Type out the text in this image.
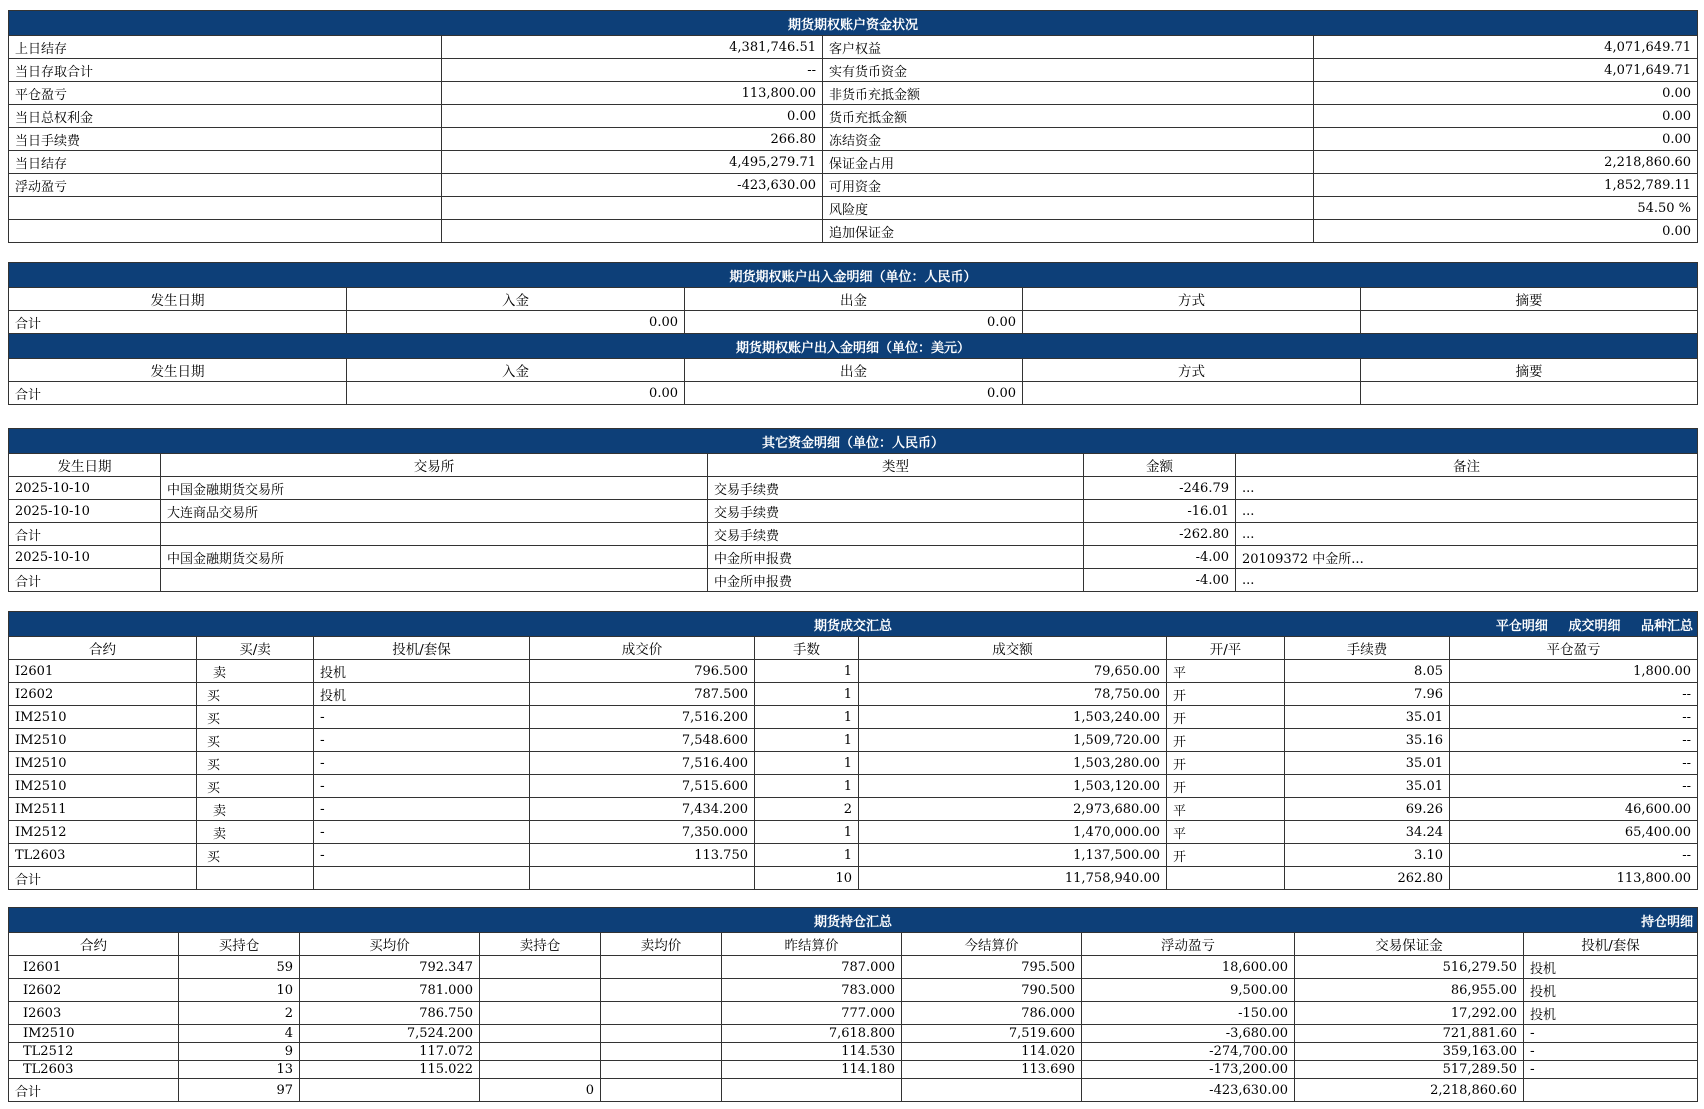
期货期权账户资金状况			
上日结存	4,381,746.51	客户权益	4,071,649.71
当日存取合计	--	实有货币资金	4,071,649.71
平仓盈亏	113,800.00	非货币充抵金额	0.00
当日总权利金	0.00	货币充抵金额	0.00
当日手续费	266.80	冻结资金	0.00
当日结存	4,495,279.71	保证金占用	2,218,860.60
浮动盈亏	-423,630.00	可用资金	1,852,789.11
		风险度	54.50 %
		追加保证金	0.00
期货期权账户出入金明细（单位：人民币）				
发生日期	入金	出金	方式	摘要
合计	0.00	0.00		
期货期权账户出入金明细（单位：美元）				
发生日期	入金	出金	方式	摘要
合计	0.00	0.00		
其它资金明细（单位：人民币）				
发生日期	交易所	类型	金额	备注
2025-10-10	中国金融期货交易所	交易手续费	-246.79	...
2025-10-10	大连商品交易所	交易手续费	-16.01	...
合计		交易手续费	-262.80	...
2025-10-10	中国金融期货交易所	中金所申报费	-4.00	20109372 中金所...
合计		中金所申报费	-4.00	...
期货成交汇总 平仓明细 成交明细 品种汇总								

合约	买/卖	投机/套保	成交价	手数	成交额	开/平	手续费	平仓盈亏
I2601	卖	投机	796.500	1	79,650.00	平	8.05	1,800.00
I2602	买	投机	787.500	1	78,750.00	开	7.96	--
IM2510	买	-	7,516.200	1	1,503,240.00	开	35.01	--
IM2510	买	-	7,548.600	1	1,509,720.00	开	35.16	--
IM2510	买	-	7,516.400	1	1,503,280.00	开	35.01	--
IM2510	买	-	7,515.600	1	1,503,120.00	开	35.01	--
IM2511	卖	-	7,434.200	2	2,973,680.00	平	69.26	46,600.00
IM2512	卖	-	7,350.000	1	1,470,000.00	平	34.24	65,400.00
TL2603	买	-	113.750	1	1,137,500.00	开	3.10	--
合计				10	11,758,940.00		262.80	113,800.00
期货持仓汇总 持仓明细									

合约	买持仓	买均价	卖持仓	卖均价	昨结算价	今结算价	浮动盈亏	交易保证金	投机/套保
I2601	59	792.347			787.000	795.500	18,600.00	516,279.50	投机
I2602	10	781.000			783.000	790.500	9,500.00	86,955.00	投机
I2603	2	786.750			777.000	786.000	-150.00	17,292.00	投机
IM2510	4	7,524.200			7,618.800	7,519.600	-3,680.00	721,881.60	-
TL2512	9	117.072			114.530	114.020	-274,700.00	359,163.00	-
TL2603	13	115.022			114.180	113.690	-173,200.00	517,289.50	-
合计	97		0				-423,630.00	2,218,860.60	
